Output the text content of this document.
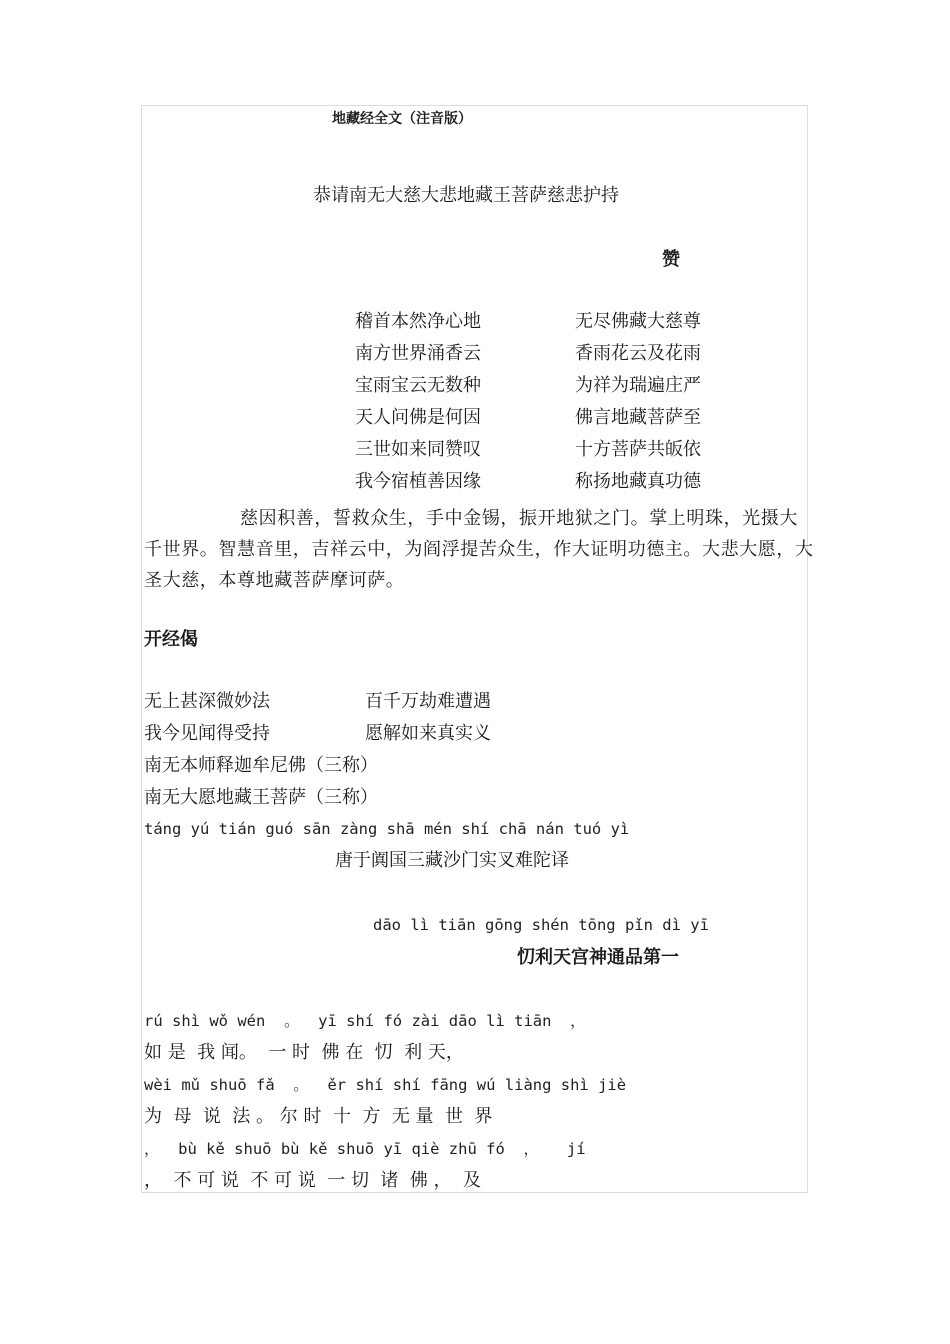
地藏经全文（注音版）
恭请南无大慈大悲地藏王菩萨慈悲护持
赞
稽首本然净心地	无尽佛藏大慈尊
南方世界涌香云	香雨花云及花雨
宝雨宝云无数种	为祥为瑞遍庄严
天人问佛是何因	佛言地藏菩萨至
三世如来同赞叹	十方菩萨共皈依
我今宿植善因缘	称扬地藏真功德
慈因积善，誓救众生，手中金锡，振开地狱之门。掌上明珠，光摄大千世界。智慧音里，吉祥云中，为阎浮提苦众生，作大证明功德主。大悲大愿，大圣大慈，本尊地藏菩萨摩诃萨。
开经偈
无上甚深微妙法	百千万劫难遭遇
我今见闻得受持	愿解如来真实义
南无本师释迦牟尼佛（三称）
南无大愿地藏王菩萨（三称）
táng yú tián guó sān zàng shā mén shí chā nán tuó yì
唐于阗国三藏沙门实叉难陀译
dāo lì tiān gōng shén tōng pǐn dì yī
忉利天宫神通品第一
rú shì wǒ wén  。  yī shí fó zài dāo lì tiān  ，
如 是  我 闻。  一 时  佛 在  忉  利 天，
wèi mǔ shuō fǎ  。  ěr shí shí fāng wú liàng shì jiè
为  母  说  法 。 尔 时  十  方  无 量  世  界
，  bù kě shuō bù kě shuō yī qiè zhū fó  ，   jí
，  不 可 说  不 可 说  一 切  诸  佛 ，  及
